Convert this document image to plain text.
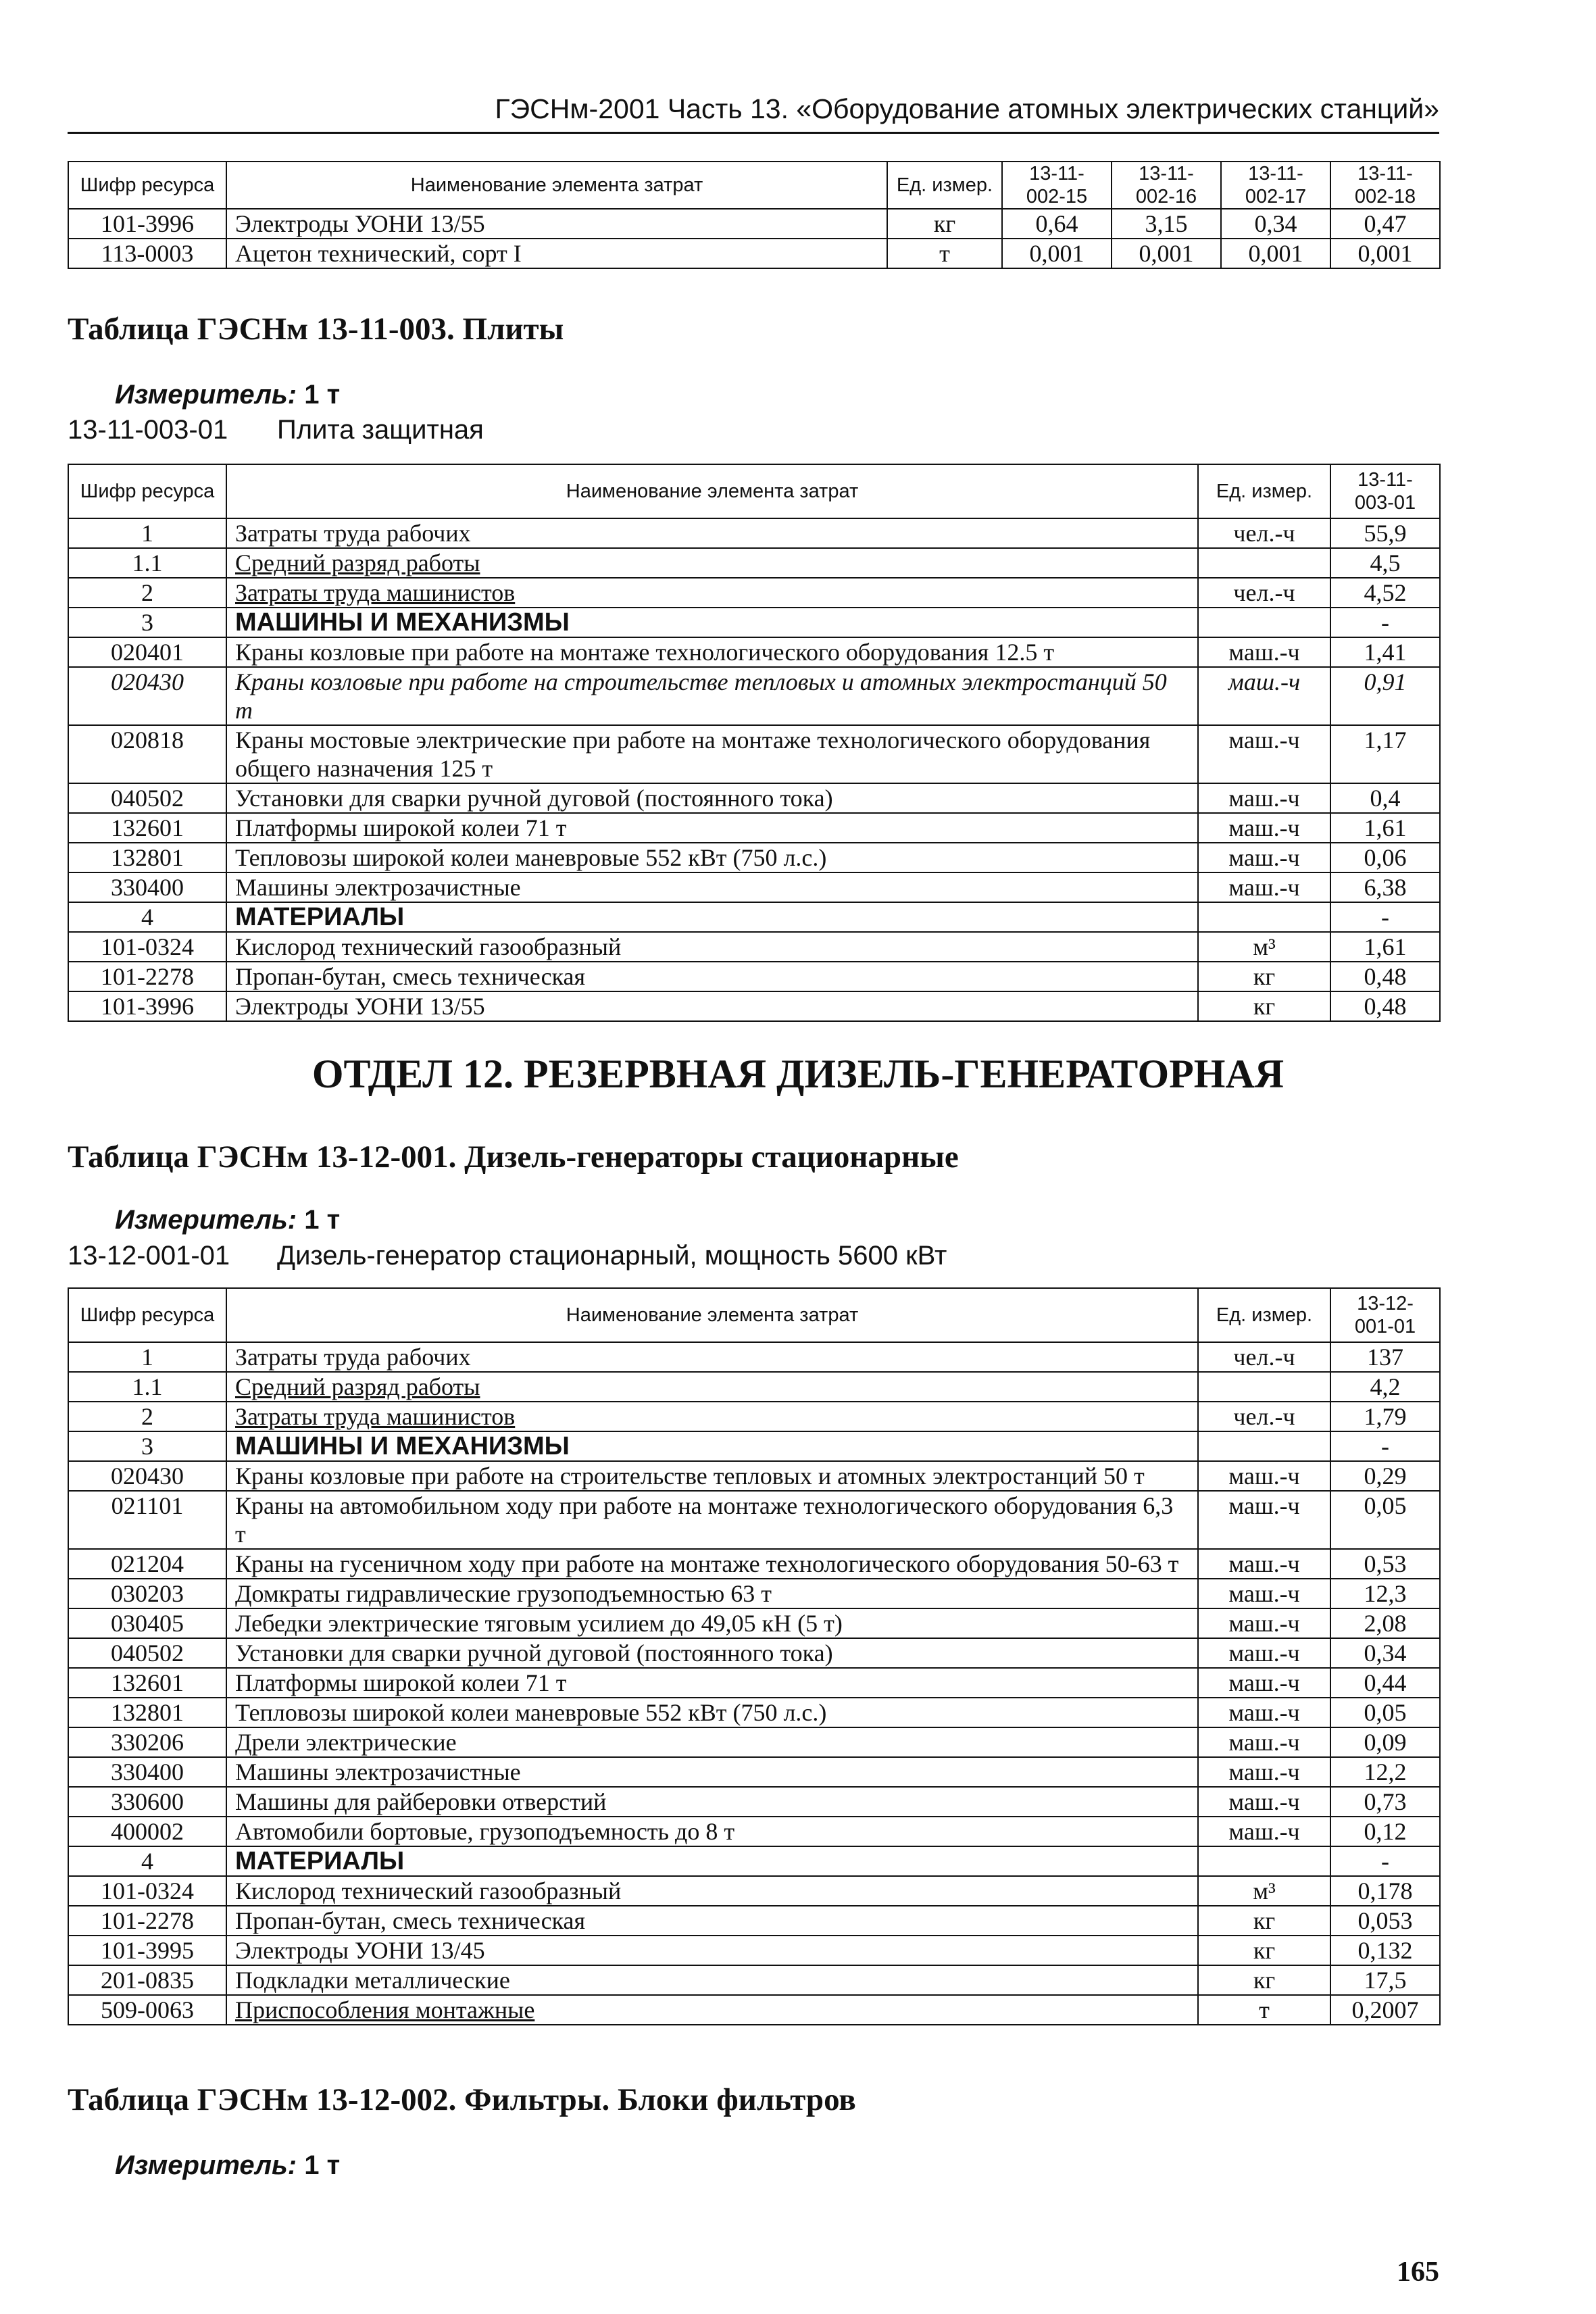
ГЭСНм-2001 Часть 13. «Оборудование атомных электрических станций»
Шифр ресурса	Наименование элемента затрат	Ед. измер.	13-11-002-15	13-11-002-16	13-11-002-17	13-11-002-18
101-3996	Электроды УОНИ 13/55	кг	0,64	3,15	0,34	0,47
113-0003	Ацетон технический, сорт I	т	0,001	0,001	0,001	0,001
Таблица ГЭСНм 13-11-003. Плиты
Измеритель: 1 т
13-11-003-01 Плита защитная
Шифр ресурса	Наименование элемента затрат	Ед. измер.	13-11-003-01
1	Затраты труда рабочих	чел.-ч	55,9
1.1	Средний разряд работы		4,5
2	Затраты труда машинистов	чел.-ч	4,52
3	МАШИНЫ И МЕХАНИЗМЫ		-
020401	Краны козловые при работе на монтаже технологического оборудования 12.5 т	маш.-ч	1,41
020430	Краны козловые при работе на строительстве тепловых и атомных электростанций 50 т	маш.-ч	0,91
020818	Краны мостовые электрические при работе на монтаже технологического оборудования общего назначения 125 т	маш.-ч	1,17
040502	Установки для сварки ручной дуговой (постоянного тока)	маш.-ч	0,4
132601	Платформы широкой колеи 71 т	маш.-ч	1,61
132801	Тепловозы широкой колеи маневровые 552 кВт (750 л.с.)	маш.-ч	0,06
330400	Машины электрозачистные	маш.-ч	6,38
4	МАТЕРИАЛЫ		-
101-0324	Кислород технический газообразный	м³	1,61
101-2278	Пропан-бутан, смесь техническая	кг	0,48
101-3996	Электроды УОНИ 13/55	кг	0,48
ОТДЕЛ 12. РЕЗЕРВНАЯ ДИЗЕЛЬ-ГЕНЕРАТОРНАЯ
Таблица ГЭСНм 13-12-001. Дизель-генераторы стационарные
Измеритель: 1 т
13-12-001-01 Дизель-генератор стационарный, мощность 5600 кВт
Шифр ресурса	Наименование элемента затрат	Ед. измер.	13-12-001-01
1	Затраты труда рабочих	чел.-ч	137
1.1	Средний разряд работы		4,2
2	Затраты труда машинистов	чел.-ч	1,79
3	МАШИНЫ И МЕХАНИЗМЫ		-
020430	Краны козловые при работе на строительстве тепловых и атомных электростанций 50 т	маш.-ч	0,29
021101	Краны на автомобильном ходу при работе на монтаже технологического оборудования 6,3 т	маш.-ч	0,05
021204	Краны на гусеничном ходу при работе на монтаже технологического оборудования 50-63 т	маш.-ч	0,53
030203	Домкраты гидравлические грузоподъемностью 63 т	маш.-ч	12,3
030405	Лебедки электрические тяговым усилием до 49,05 кН (5 т)	маш.-ч	2,08
040502	Установки для сварки ручной дуговой (постоянного тока)	маш.-ч	0,34
132601	Платформы широкой колеи 71 т	маш.-ч	0,44
132801	Тепловозы широкой колеи маневровые 552 кВт (750 л.с.)	маш.-ч	0,05
330206	Дрели электрические	маш.-ч	0,09
330400	Машины электрозачистные	маш.-ч	12,2
330600	Машины для райберовки отверстий	маш.-ч	0,73
400002	Автомобили бортовые, грузоподъемность до 8 т	маш.-ч	0,12
4	МАТЕРИАЛЫ		-
101-0324	Кислород технический газообразный	м³	0,178
101-2278	Пропан-бутан, смесь техническая	кг	0,053
101-3995	Электроды УОНИ 13/45	кг	0,132
201-0835	Подкладки металлические	кг	17,5
509-0063	Приспособления монтажные	т	0,2007
Таблица ГЭСНм 13-12-002. Фильтры. Блоки фильтров
Измеритель: 1 т
165
